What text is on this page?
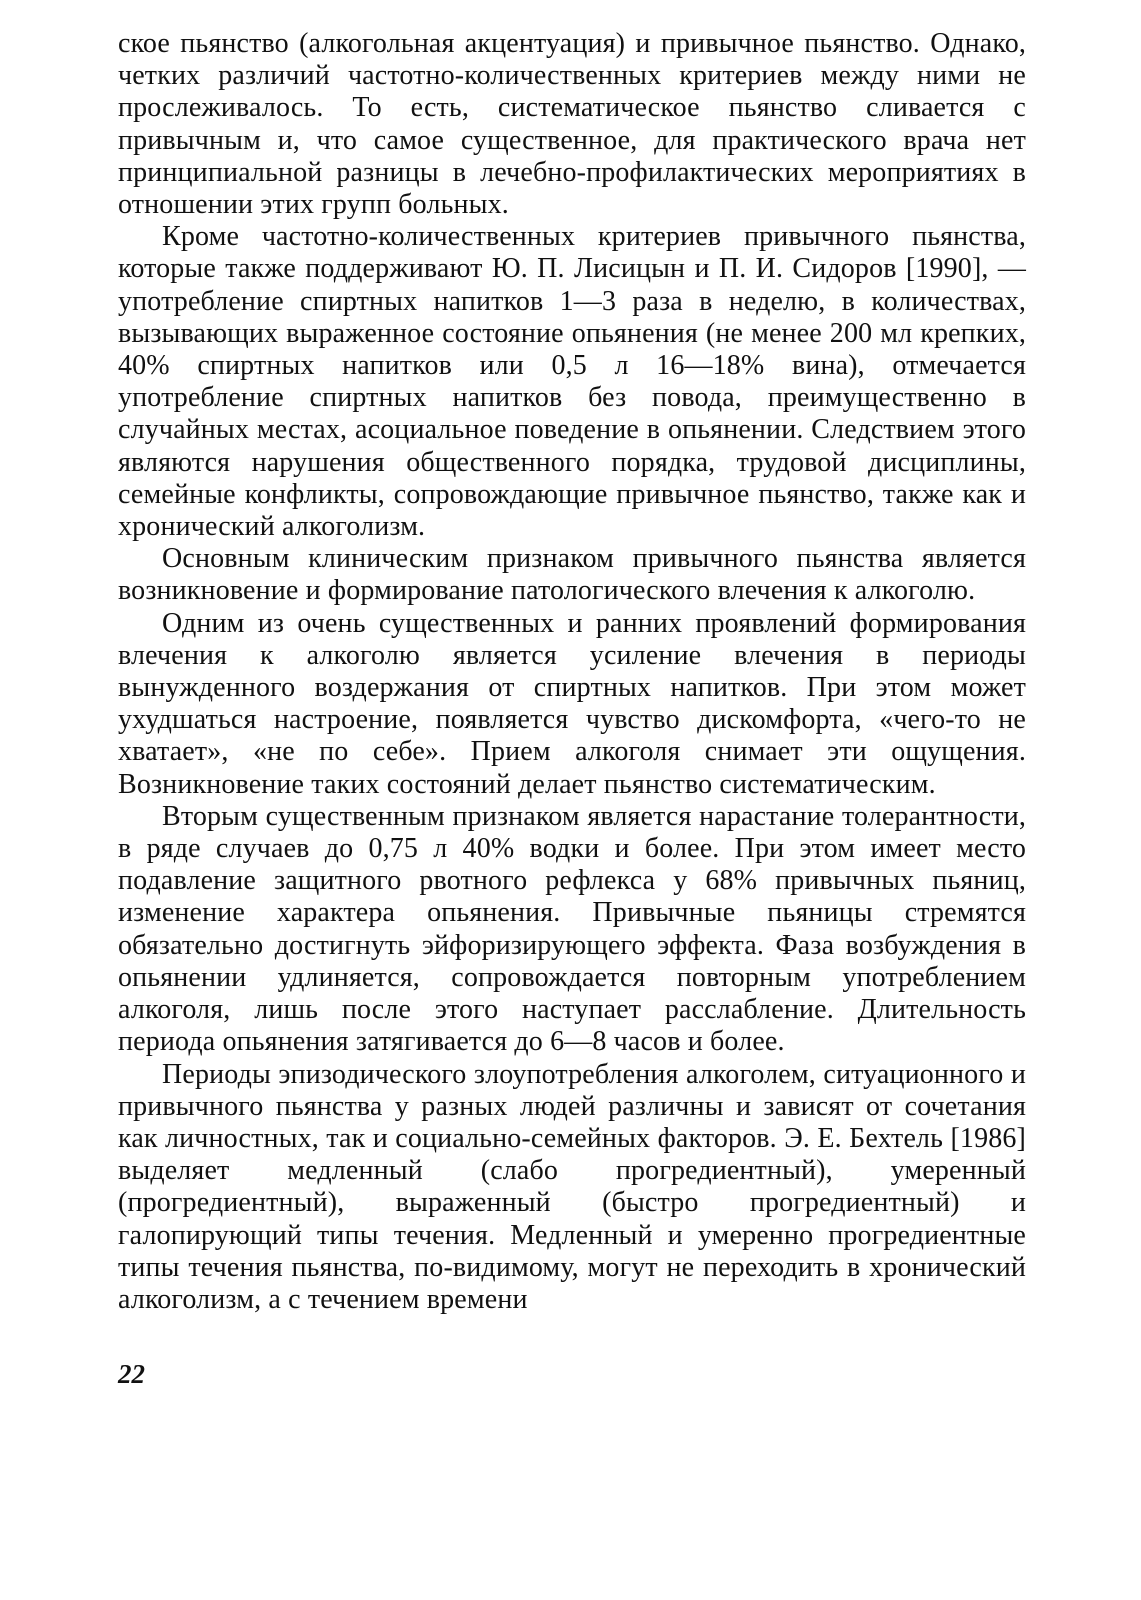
ское пьянство (алкогольная акцентуация) и привычное пьянство. Однако, четких различий частотно-количественных критериев между ними не прослеживалось. То есть, систематическое пьянство сливается с привычным и, что самое существенное, для практического врача нет принципиальной разницы в лечебно-профилактических мероприятиях в отношении этих групп больных.

Кроме частотно-количественных критериев привычного пьянства, которые также поддерживают Ю. П. Лисицын и П. И. Сидоров [1990], — употребление спиртных напитков 1—3 раза в неделю, в количествах, вызывающих выраженное состояние опьянения (не менее 200 мл крепких, 40% спиртных напитков или 0,5 л 16—18% вина), отмечается употребление спиртных напитков без повода, преимущественно в случайных местах, асоциальное поведение в опьянении. Следствием этого являются нарушения общественного порядка, трудовой дисциплины, семейные конфликты, сопровождающие привычное пьянство, также как и хронический алкоголизм.

Основным клиническим признаком привычного пьянства является возникновение и формирование патологического влечения к алкоголю.

Одним из очень существенных и ранних проявлений формирования влечения к алкоголю является усиление влечения в периоды вынужденного воздержания от спиртных напитков. При этом может ухудшаться настроение, появляется чувство дискомфорта, «чего-то не хватает», «не по себе». Прием алкоголя снимает эти ощущения. Возникновение таких состояний делает пьянство систематическим.

Вторым существенным признаком является нарастание толерантности, в ряде случаев до 0,75 л 40% водки и более. При этом имеет место подавление защитного рвотного рефлекса у 68% привычных пьяниц, изменение характера опьянения. Привычные пьяницы стремятся обязательно достигнуть эйфоризирующего эффекта. Фаза возбуждения в опьянении удлиняется, сопровождается повторным употреблением алкоголя, лишь после этого наступает расслабление. Длительность периода опьянения затягивается до 6—8 часов и более.

Периоды эпизодического злоупотребления алкоголем, ситуационного и привычного пьянства у разных людей различны и зависят от сочетания как личностных, так и социально-семейных факторов. Э. Е. Бехтель [1986] выделяет медленный (слабо прогредиентный), умеренный (прогредиентный), выраженный (быстро прогредиентный) и галопирующий типы течения. Медленный и умеренно прогредиентные типы течения пьянства, по-видимому, могут не переходить в хронический алкоголизм, а с течением времени

22
